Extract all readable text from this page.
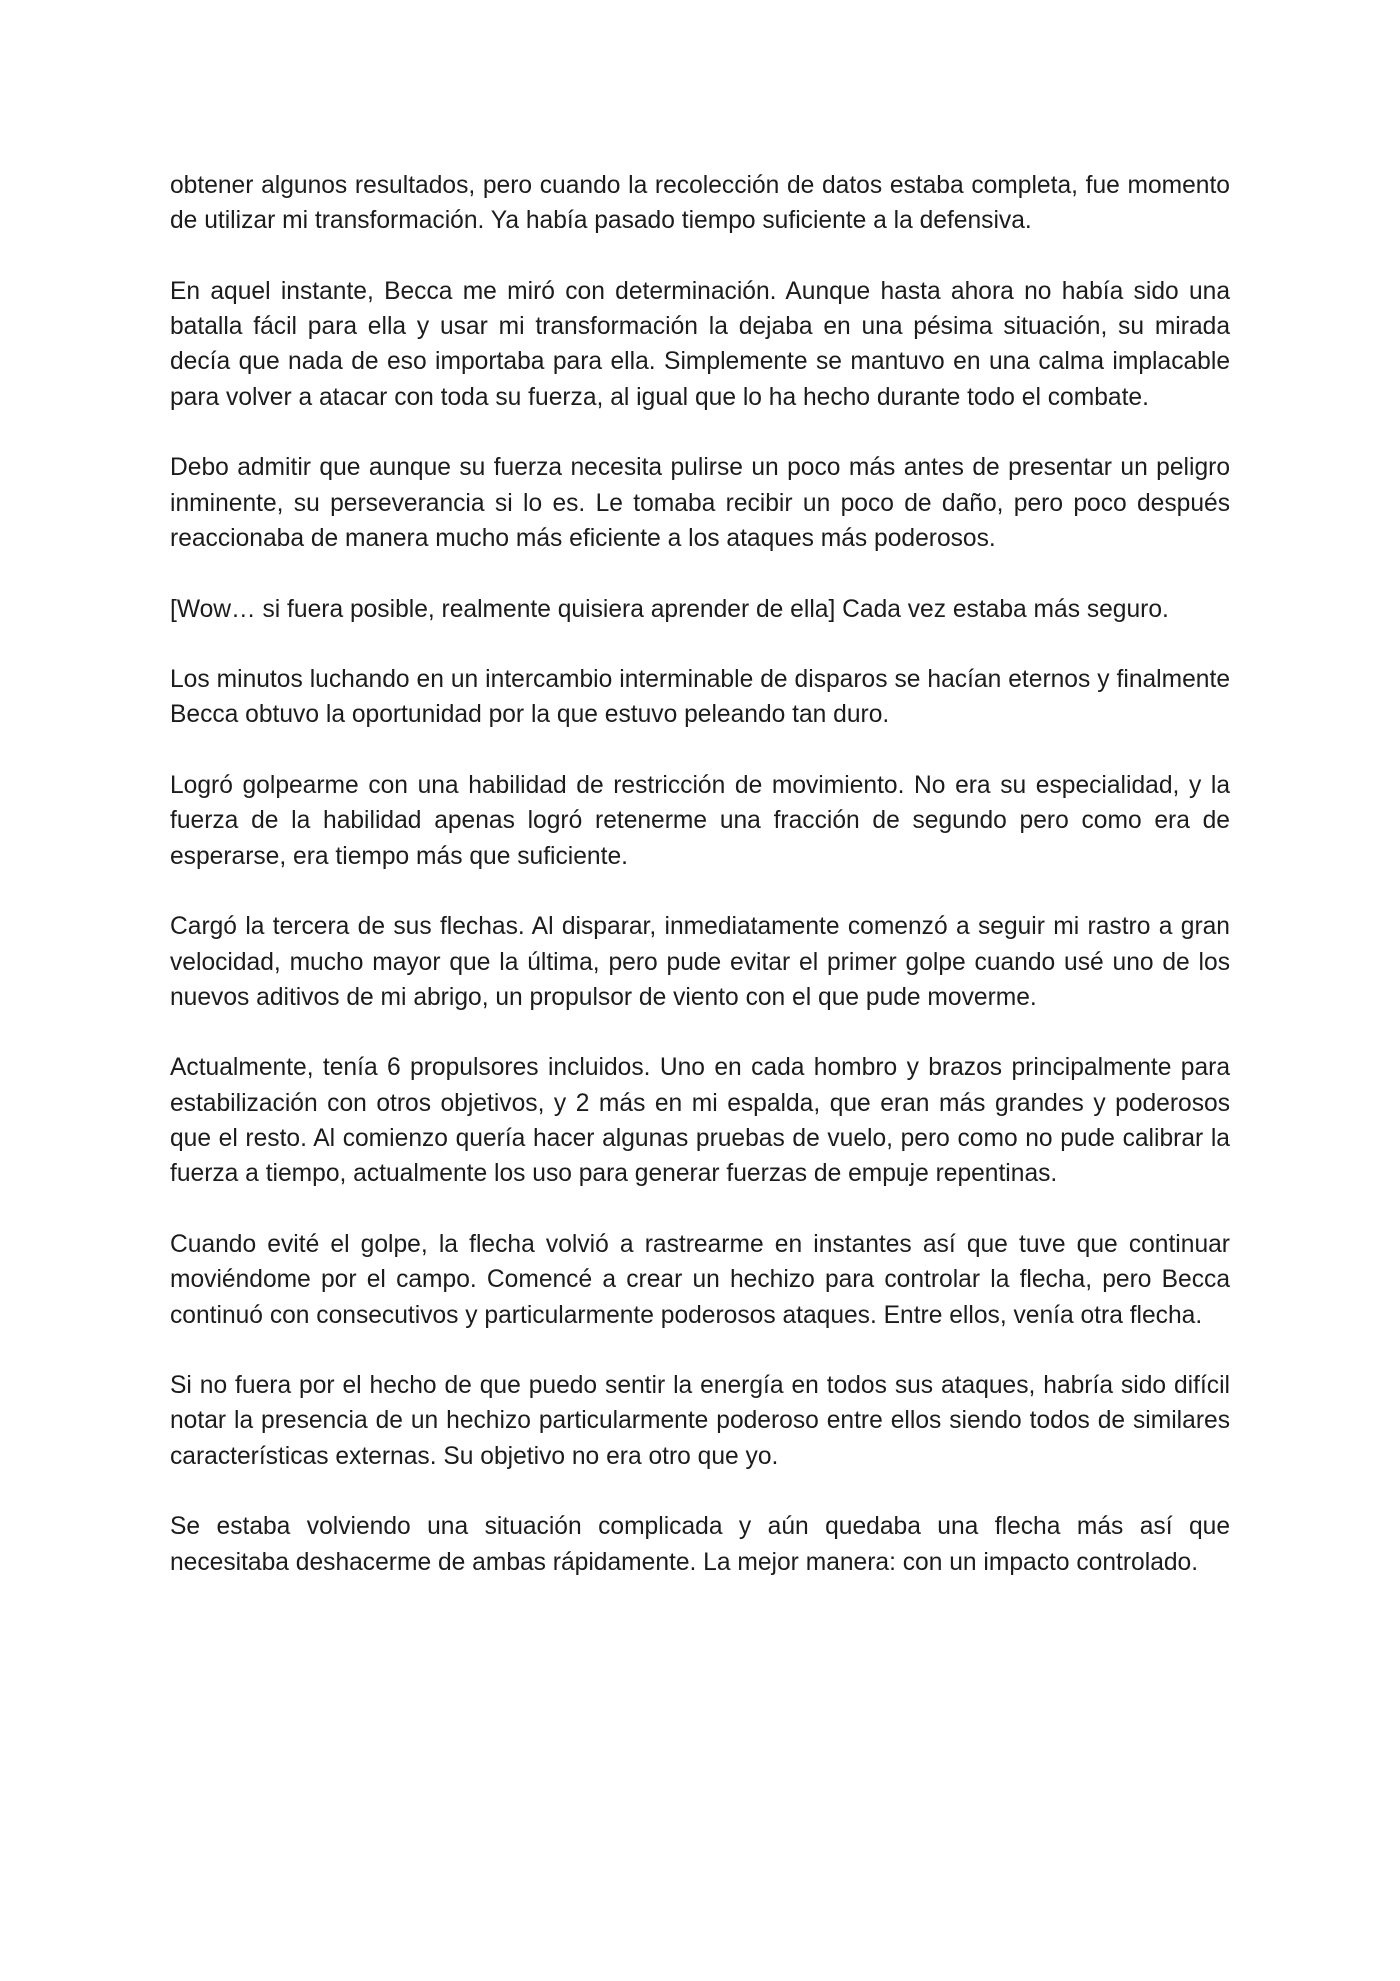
obtener algunos resultados, pero cuando la recolección de datos estaba completa, fue momento de utilizar mi transformación. Ya había pasado tiempo suficiente a la defensiva.

En aquel instante, Becca me miró con determinación. Aunque hasta ahora no había sido una batalla fácil para ella y usar mi transformación la dejaba en una pésima situación, su mirada decía que nada de eso importaba para ella. Simplemente se mantuvo en una calma implacable para volver a atacar con toda su fuerza, al igual que lo ha hecho durante todo el combate.

Debo admitir que aunque su fuerza necesita pulirse un poco más antes de presentar un peligro inminente, su perseverancia si lo es. Le tomaba recibir un poco de daño, pero poco después reaccionaba de manera mucho más eficiente a los ataques más poderosos.

[Wow… si fuera posible, realmente quisiera aprender de ella] Cada vez estaba más seguro.

Los minutos luchando en un intercambio interminable de disparos se hacían eternos y finalmente Becca obtuvo la oportunidad por la que estuvo peleando tan duro.

Logró golpearme con una habilidad de restricción de movimiento. No era su especialidad, y la fuerza de la habilidad apenas logró retenerme una fracción de segundo pero como era de esperarse, era tiempo más que suficiente.

Cargó la tercera de sus flechas. Al disparar, inmediatamente comenzó a seguir mi rastro a gran velocidad, mucho mayor que la última, pero pude evitar el primer golpe cuando usé uno de los nuevos aditivos de mi abrigo, un propulsor de viento con el que pude moverme.

Actualmente, tenía 6 propulsores incluidos. Uno en cada hombro y brazos principalmente para estabilización con otros objetivos, y 2 más en mi espalda, que eran más grandes y poderosos que el resto. Al comienzo quería hacer algunas pruebas de vuelo, pero como no pude calibrar la fuerza a tiempo, actualmente los uso para generar fuerzas de empuje repentinas.

Cuando evité el golpe, la flecha volvió a rastrearme en instantes así que tuve que continuar moviéndome por el campo. Comencé a crear un hechizo para controlar la flecha, pero Becca continuó con consecutivos y particularmente poderosos ataques. Entre ellos, venía otra flecha.

Si no fuera por el hecho de que puedo sentir la energía en todos sus ataques, habría sido difícil notar la presencia de un hechizo particularmente poderoso entre ellos siendo todos de similares características externas. Su objetivo no era otro que yo.

Se estaba volviendo una situación complicada y aún quedaba una flecha más así que necesitaba deshacerme de ambas rápidamente. La mejor manera: con un impacto controlado.
